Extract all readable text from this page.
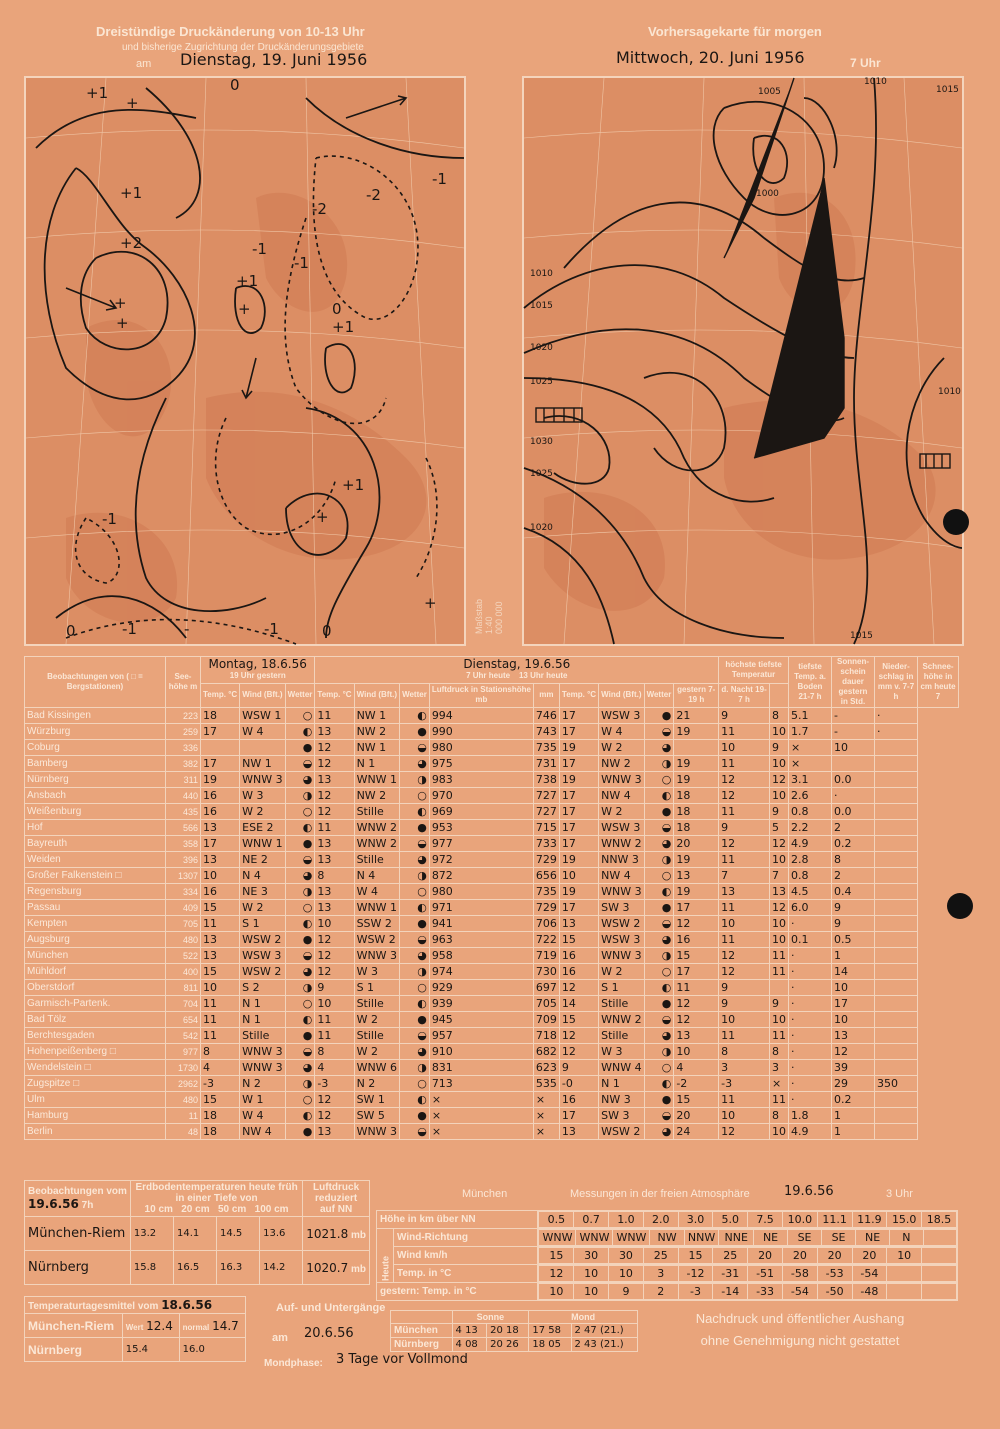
Dreistündige Druckänderung von 10-13 Uhr
und bisherige Zugrichtung der Druckänderungsgebiete
am Dienstag, 19. Juni 1956
Vorhersagekarte für morgen
Mittwoch, 20. Juni 1956	7 Uhr
+1
+
+1
+2
+
+
0
-1
-2
-2
-1
0
+1
+
+1
-1
+
-1
-1
0	-
+
0
-1
+1
Maßstab 1:40 000 000
1005
1000
1010
1015
1020
1025
1030
1025
1020
1015
1015
1010
1010
Beobachtungen von ( □ = Bergstationen)	See- höhe m	Montag, 18.6.56
19 Uhr gestern			Dienstag, 19.6.56
7 Uhr heute 13 Uhr heute									höchste tiefste
Temperatur		tiefste Temp. a. Boden 21-7 h	Sonnen- schein dauer gestern in Std.	Nieder- schlag in mm v. 7-7 h	Schnee- höhe in cm heute 7
		Temp. °C	Wind (Bft.)	Wetter	Temp. °C	Wind (Bft.)	Wetter	Luftdruck in Stationshöhe
mb	mm	Temp. °C	Wind (Bft.)	Wetter	gestern 7-19 h	d. Nacht 19-7 h					
Bad Kissingen	223	18	WSW 1	○	11	NW 1	◐	994	746	17	WSW 3	●	21	9	8	5.1	-	·	
Würzburg	259	17	W 4	◐	13	NW 2	●	990	743	17	W 4	◒	19	11	10	1.7	-	·	
Coburg	336			●	12	NW 1	◒	980	735	19	W 2	◕		10	9	×	10		
Bamberg	382	17	NW 1	◒	12	N 1	◕	975	731	17	NW 2	◑	19	11	10	×			
Nürnberg	311	19	WNW 3	◕	13	WNW 1	◑	983	738	19	WNW 3	○	19	12	12	3.1	0.0		
Ansbach	440	16	W 3	◑	12	NW 2	○	970	727	17	NW 4	◐	18	12	10	2.6	·		
Weißenburg	435	16	W 2	○	12	Stille	◐	969	727	17	W 2	●	18	11	9	0.8	0.0		
Hof	566	13	ESE 2	◐	11	WNW 2	●	953	715	17	WSW 3	◒	18	9	5	2.2	2		
Bayreuth	358	17	WNW 1	●	13	WNW 2	◒	977	733	17	WNW 2	◕	20	12	12	4.9	0.2		
Weiden	396	13	NE 2	◒	13	Stille	◕	972	729	19	NNW 3	◑	19	11	10	2.8	8		
Großer Falkenstein □	1307	10	N 4	◕	8	N 4	◑	872	656	10	NW 4	○	13	7	7	0.8	2		
Regensburg	334	16	NE 3	◑	13	W 4	○	980	735	19	WNW 3	◐	19	13	13	4.5	0.4		
Passau	409	15	W 2	○	13	WNW 1	◐	971	729	17	SW 3	●	17	11	12	6.0	9		
Kempten	705	11	S 1	◐	10	SSW 2	●	941	706	13	WSW 2	◒	12	10	10	·	9		
Augsburg	480	13	WSW 2	●	12	WSW 2	◒	963	722	15	WSW 3	◕	16	11	10	0.1	0.5		
München	522	13	WSW 3	◒	12	WNW 3	◕	958	719	16	WNW 3	◑	15	12	11	·	1		
Mühldorf	400	15	WSW 2	◕	12	W 3	◑	974	730	16	W 2	○	17	12	11	·	14		
Oberstdorf	811	10	S 2	◑	9	S 1	○	929	697	12	S 1	◐	11	9		·	10		
Garmisch-Partenk.	704	11	N 1	○	10	Stille	◐	939	705	14	Stille	●	12	9	9	·	17		
Bad Tölz	654	11	N 1	◐	11	W 2	●	945	709	15	WNW 2	◒	12	10	10	·	10		
Berchtesgaden	542	11	Stille	●	11	Stille	◒	957	718	12	Stille	◕	13	11	11	·	13		
Hohenpeißenberg □	977	8	WNW 3	◒	8	W 2	◕	910	682	12	W 3	◑	10	8	8	·	12		
Wendelstein □	1730	4	WNW 3	◕	4	WNW 6	◑	831	623	9	WNW 4	○	4	3	3	·	39		
Zugspitze □	2962	-3	N 2	◑	-3	N 2	○	713	535	-0	N 1	◐	-2	-3	×	·	29	350	
Ulm	480	15	W 1	○	12	SW 1	◐	×	×	16	NW 3	●	15	11	11	·	0.2		
Hamburg	11	18	W 4	◐	12	SW 5	●	×	×	17	SW 3	◒	20	10	8	1.8	1		
Berlin	48	18	NW 4	●	13	WNW 3	◒	×	×	13	WSW 2	◕	24	12	10	4.9	1		
Beobachtungen vom
19.6.56 7h	Erdbodentemperaturen heute früh in einer Tiefe von
10 cm 20 cm 50 cm 100 cm				Luftdruck reduziert auf NN
München-Riem	13.2	14.1	14.5	13.6	1021.8 mb
Nürnberg	15.8	16.5	16.3	14.2	1020.7 mb
München	Messungen in der freien Atmosphäre	19.6.56	3 Uhr
Höhe in km über NN		0.5	0.7	1.0	2.0	3.0	5.0	7.5	10.0	11.1	11.9	15.0	18.5

Heute	Wind-Richtung		WNW	WNW	WNW	NW	NNW	NNE	NE	SE	SE	NE	N	

Wind km/h		15	30	30	25	15	25	20	20	20	20	10	

Temp. in °C		12	10	10	3	-12	-31	-51	-58	-53	-54		

gestern: Temp. in °C		10	10	9	2	-3	-14	-33	-54	-50	-48		
Temperaturtagesmittel vom 18.6.56		
München-Riem	Wert 12.4	normal 14.7
Nürnberg	15.4	16.0
Auf- und Untergänge
am 20.6.56
	Sonne		Mond	
München	4 13	20 18	17 58	2 47 (21.)
Nürnberg	4 08	20 26	18 05	2 43 (21.)
Mondphase: 3 Tage vor Vollmond
Nachdruck und öffentlicher Aushang
ohne Genehmigung nicht gestattet
